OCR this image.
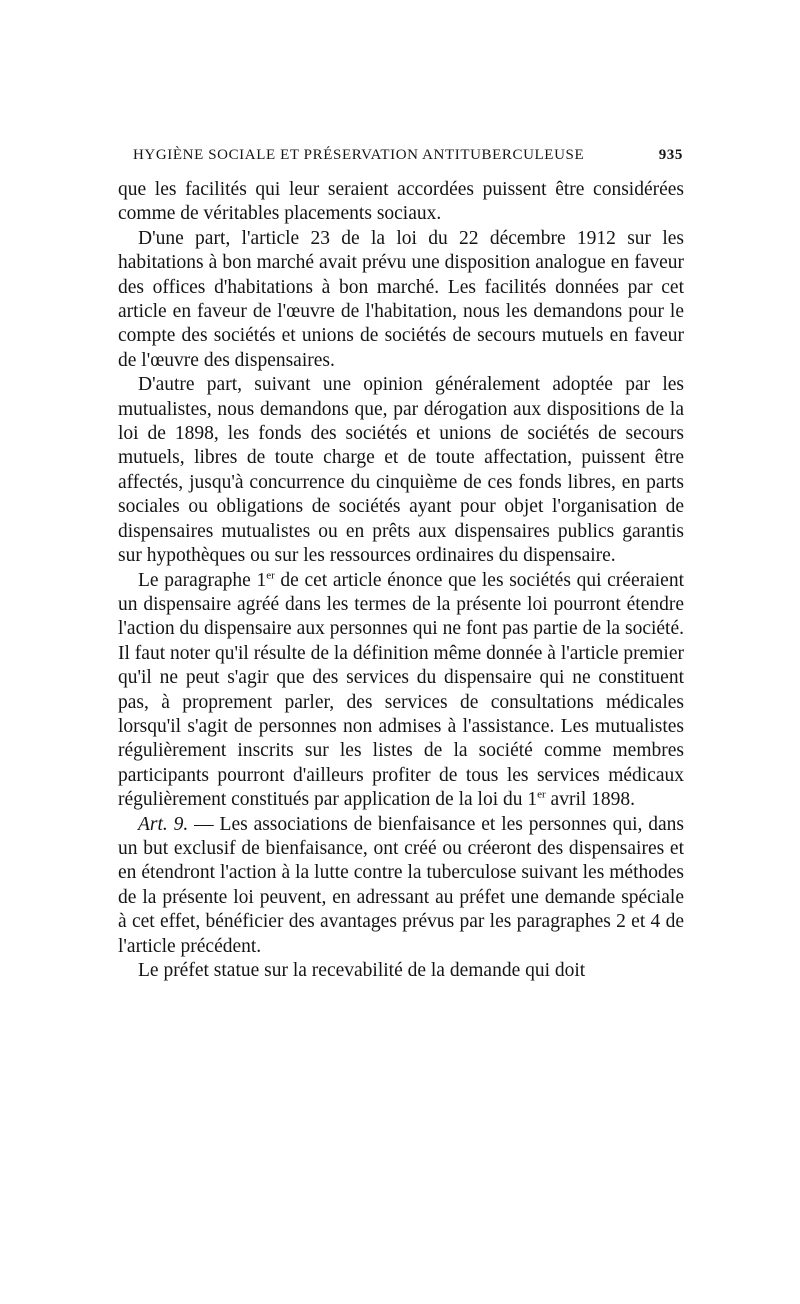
HYGIÈNE SOCIALE ET PRÉSERVATION ANTITUBERCULEUSE	935

que les facilités qui leur seraient accordées puissent être considérées comme de véritables placements sociaux.

D'une part, l'article 23 de la loi du 22 décembre 1912 sur les habitations à bon marché avait prévu une disposition analogue en faveur des offices d'habitations à bon marché. Les facilités données par cet article en faveur de l'œuvre de l'habitation, nous les demandons pour le compte des sociétés et unions de sociétés de secours mutuels en faveur de l'œuvre des dispensaires.

D'autre part, suivant une opinion généralement adoptée par les mutualistes, nous demandons que, par dérogation aux dispositions de la loi de 1898, les fonds des sociétés et unions de sociétés de secours mutuels, libres de toute charge et de toute affectation, puissent être affectés, jusqu'à concurrence du cinquième de ces fonds libres, en parts sociales ou obligations de sociétés ayant pour objet l'organisation de dispensaires mutualistes ou en prêts aux dispensaires publics garantis sur hypothèques ou sur les ressources ordinaires du dispensaire.

Le paragraphe 1er de cet article énonce que les sociétés qui créeraient un dispensaire agréé dans les termes de la présente loi pourront étendre l'action du dispensaire aux personnes qui ne font pas partie de la société. Il faut noter qu'il résulte de la définition même donnée à l'article premier qu'il ne peut s'agir que des services du dispensaire qui ne constituent pas, à proprement parler, des services de consultations médicales lorsqu'il s'agit de personnes non admises à l'assistance. Les mutualistes régulièrement inscrits sur les listes de la société comme membres participants pourront d'ailleurs profiter de tous les services médicaux régulièrement constitués par application de la loi du 1er avril 1898.

Art. 9. — Les associations de bienfaisance et les personnes qui, dans un but exclusif de bienfaisance, ont créé ou créeront des dispensaires et en étendront l'action à la lutte contre la tuberculose suivant les méthodes de la présente loi peuvent, en adressant au préfet une demande spéciale à cet effet, bénéficier des avantages prévus par les paragraphes 2 et 4 de l'article précédent.

Le préfet statue sur la recevabilité de la demande qui doit
